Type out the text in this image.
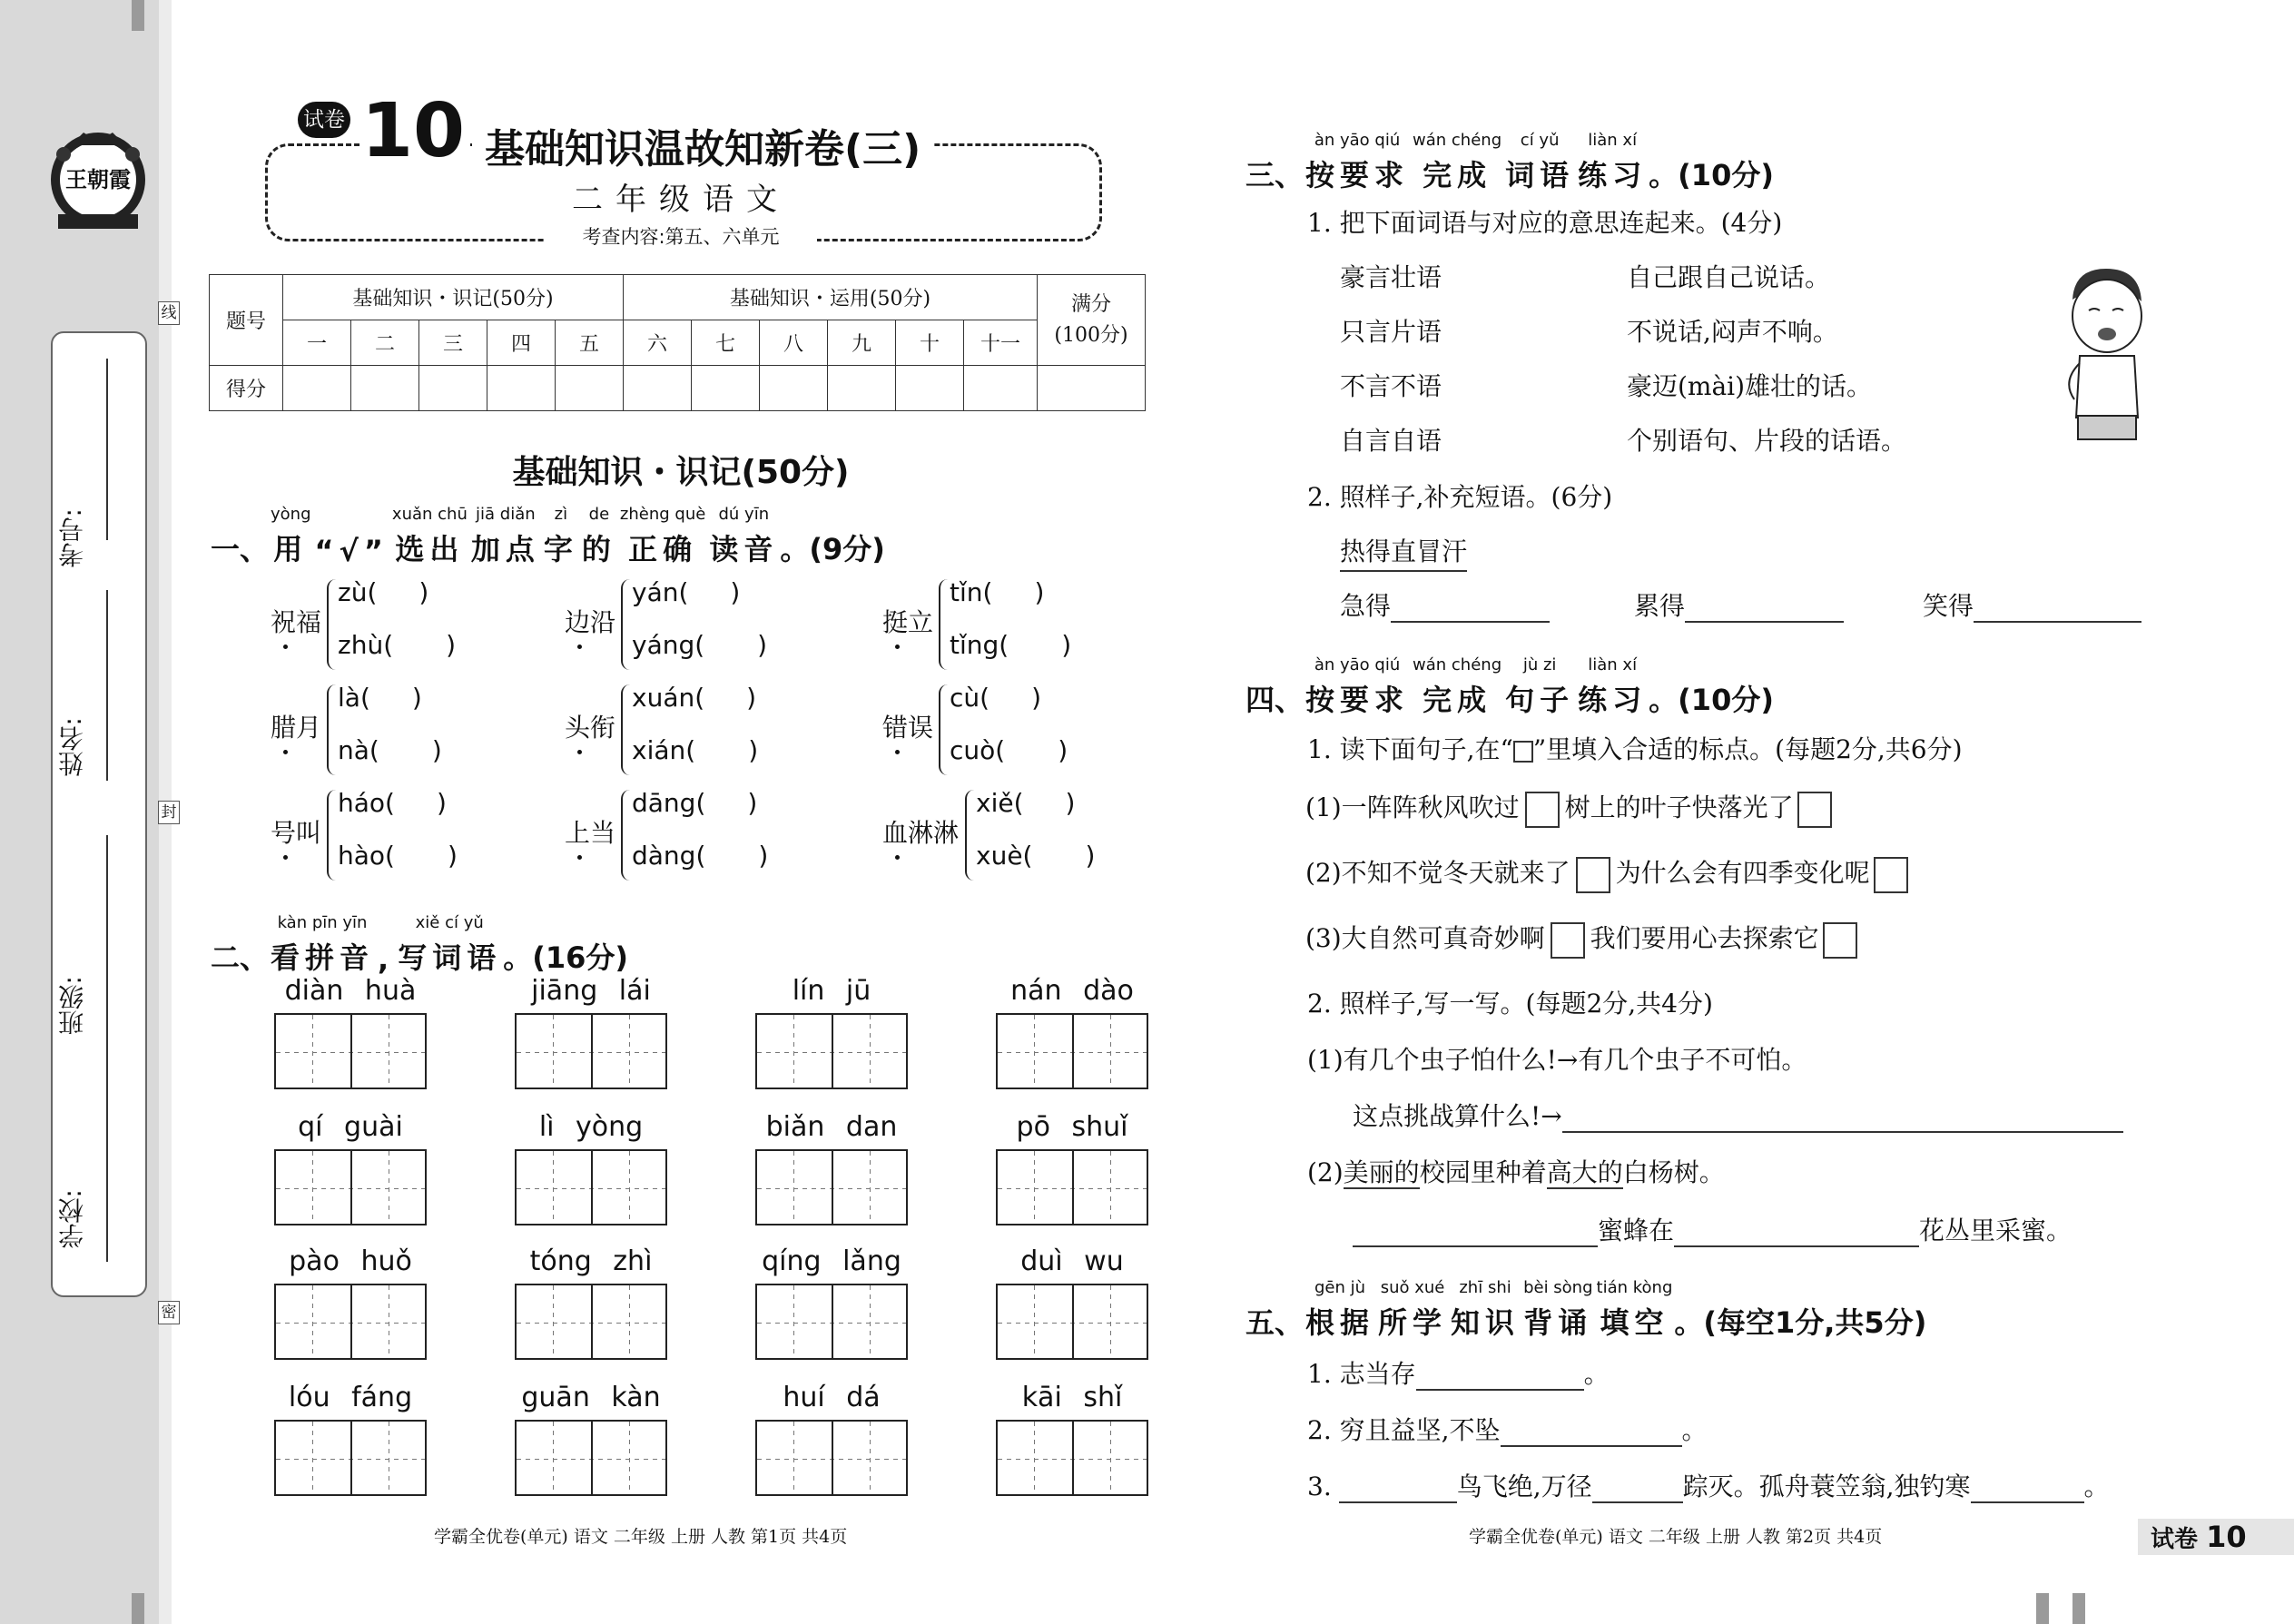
王朝霞
学校:
班级:
姓名:
考号:
线
封
密
试卷 10 基础知识温故知新卷(三)
二年级语文
考查内容:第五、六单元
题号	基础知识・识记(50分)					基础知识・运用(50分)						满分
(100分)
	一	二	三	四	五	六	七	八	九	十	十一	
得分												
基础知识・识记(50分)
一、
yòng
用 “√”
xuǎn chū
选出
jiā diǎn
加点
zì
字
de
的
zhèng què
正确
dú yīn
读音 。(9分)
祝福
zù( )
zhù( )
边沿
yán( )
yáng( )
挺立
tǐn( )
tǐng( )
腊月
là( )
nà( )
头衔
xuán( )
xián( )
错误
cù( )
cuò( )
号叫
háo( )
hào( )
上当
dāng( )
dàng( )
血淋淋
xiě( )
xuè( )
二、
kàn pīn yīn
看拼音 ,
xiě cí yǔ
写词语 。(16分)
diàn huà	jiāng lái	lín jū	nán dào
qí guài	lì yòng	biǎn dan	pō shuǐ
pào huǒ	tóng zhì	qíng lǎng	duì wu
lóu fáng	guān kàn	huí dá	kāi shǐ
三、
àn yāo qiú
按要求
wán chéng
完成
cí yǔ
词语
liàn xí
练习 。(10分)
1. 把下面词语与对应的意思连起来。(4分)
豪言壮语	自己跟自己说话。
只言片语	不说话,闷声不响。
不言不语	豪迈(mài)雄壮的话。
自言自语	个别语句、片段的话语。
2. 照样子,补充短语。(6分)
热得直冒汗
急得	累得	笑得
四、
àn yāo qiú
按要求
wán chéng
完成
jù zi
句子
liàn xí
练习 。(10分)
1. 读下面句子,在“ ”里填入合适的标点。(每题2分,共6分)
(1)一阵阵秋风吹过 树上的叶子快落光了
(2)不知不觉冬天就来了 为什么会有四季变化呢
(3)大自然可真奇妙啊 我们要用心去探索它
2. 照样子,写一写。(每题2分,共4分)
(1)有几个虫子怕什么!→有几个虫子不可怕。
这点挑战算什么!→
(2)美丽的校园里种着高大的白杨树。
蜜蜂在	花丛里采蜜。
五、
gēn jù
根据
suǒ xué
所学
zhī shi
知识
bèi sòng
背诵
tián kòng
填空 。(每空1分,共5分)
1. 志当存	。
2. 穷且益坚,不坠	。
3.	鸟飞绝,万径	踪灭。孤舟蓑笠翁,独钓寒	。
学霸全优卷(单元) 语文 二年级 上册 人教 第1页 共4页	学霸全优卷(单元) 语文 二年级 上册 人教 第2页 共4页	试卷 10
